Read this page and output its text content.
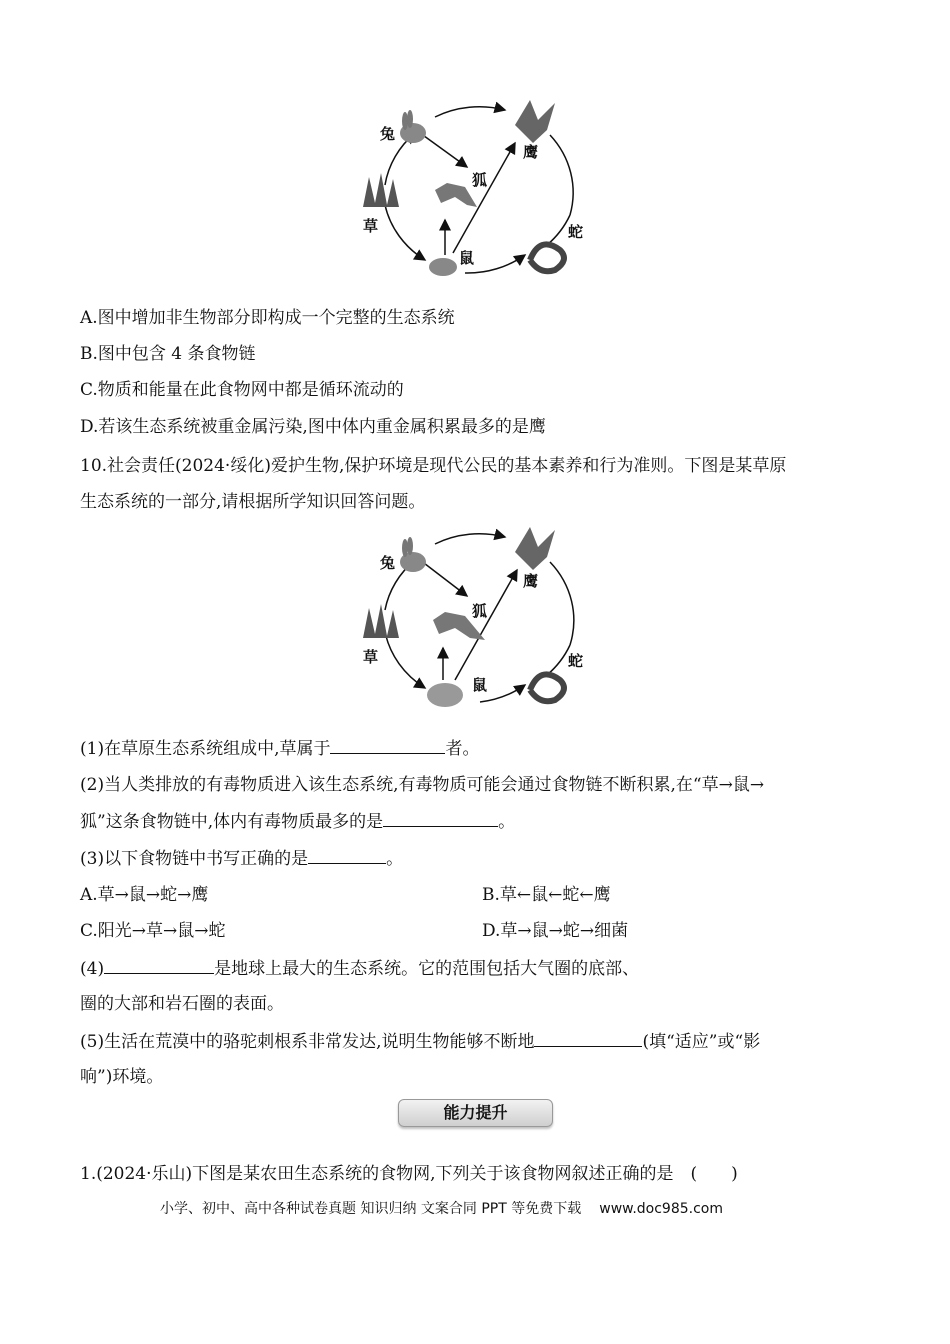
兔
鹰
狐
草
鼠
蛇
A.图中增加非生物部分即构成一个完整的生态系统
B.图中包含 4 条食物链
C.物质和能量在此食物网中都是循环流动的
D.若该生态系统被重金属污染,图中体内重金属积累最多的是鹰
10.社会责任(2024·绥化)爱护生物,保护环境是现代公民的基本素养和行为准则。下图是某草原
生态系统的一部分,请根据所学知识回答问题。
兔
鹰
狐
草
鼠
蛇
(1)在草原生态系统组成中,草属于	者。
(2)当人类排放的有毒物质进入该生态系统,有毒物质可能会通过食物链不断积累,在“草→鼠→
狐”这条食物链中,体内有毒物质最多的是	。
(3)以下食物链中书写正确的是	。
A.草→鼠→蛇→鹰	B.草←鼠←蛇←鹰
C.阳光→草→鼠→蛇	D.草→鼠→蛇→细菌
(4)	是地球上最大的生态系统。它的范围包括大气圈的底部、
圈的大部和岩石圈的表面。
(5)生活在荒漠中的骆驼刺根系非常发达,说明生物能够不断地	(填“适应”或“影
响”)环境。
能力提升
1.(2024·乐山)下图是某农田生态系统的食物网,下列关于该食物网叙述正确的是　(　　)
小学、初中、高中各种试卷真题 知识归纳 文案合同 PPT 等免费下载 www.doc985.com
